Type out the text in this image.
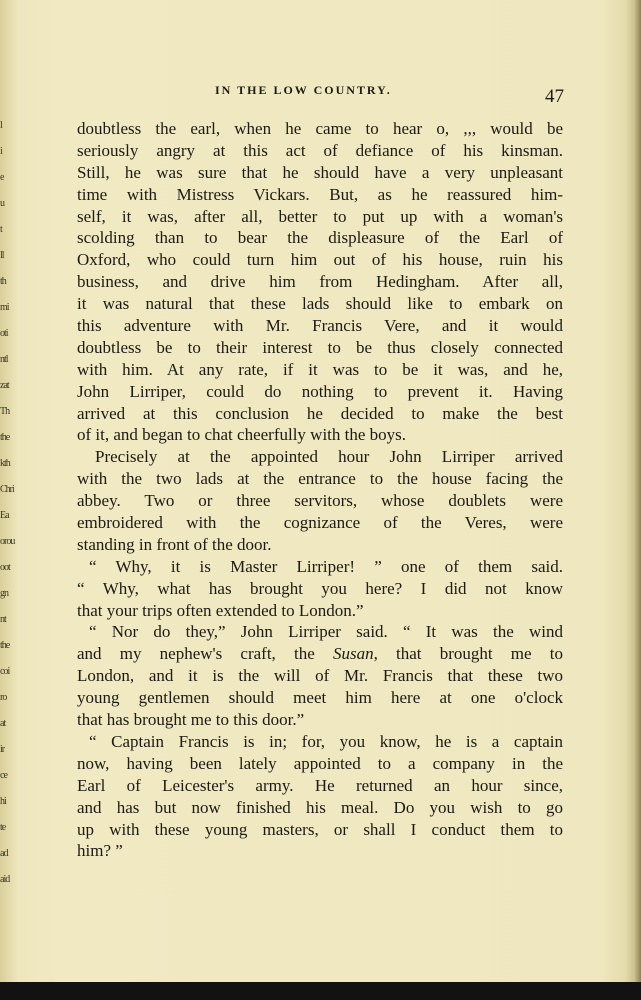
l
i
e
u
t
ll
th
mi
oti
ntl
zat
Th
the
kth
Chri
Ea
orou
oot
gn
nt
the
coi
ro
at
ir
ce
hi
te
ad
aid
IN THE LOW COUNTRY.	47
doubtless the earl, when he came to hear o, ,,, would be
seriously angry at this act of defiance of his kinsman.
Still, he was sure that he should have a very unpleasant
time with Mistress Vickars. But, as he reassured him-
self, it was, after all, better to put up with a woman's
scolding than to bear the displeasure of the Earl of
Oxford, who could turn him out of his house, ruin his
business, and drive him from Hedingham. After all,
it was natural that these lads should like to embark on
this adventure with Mr. Francis Vere, and it would
doubtless be to their interest to be thus closely connected
with him. At any rate, if it was to be it was, and he,
John Lirriper, could do nothing to prevent it. Having
arrived at this conclusion he decided to make the best
of it, and began to chat cheerfully with the boys.
Precisely at the appointed hour John Lirriper arrived
with the two lads at the entrance to the house facing the
abbey. Two or three servitors, whose doublets were
embroidered with the cognizance of the Veres, were
standing in front of the door.
“ Why, it is Master Lirriper! ” one of them said.
“ Why, what has brought you here? I did not know
that your trips often extended to London.”
“ Nor do they,” John Lirriper said. “ It was the wind
and my nephew's craft, the Susan, that brought me to
London, and it is the will of Mr. Francis that these two
young gentlemen should meet him here at one o'clock
that has brought me to this door.”
“ Captain Francis is in; for, you know, he is a captain
now, having been lately appointed to a company in the
Earl of Leicester's army. He returned an hour since,
and has but now finished his meal. Do you wish to go
up with these young masters, or shall I conduct them to
him? ”
